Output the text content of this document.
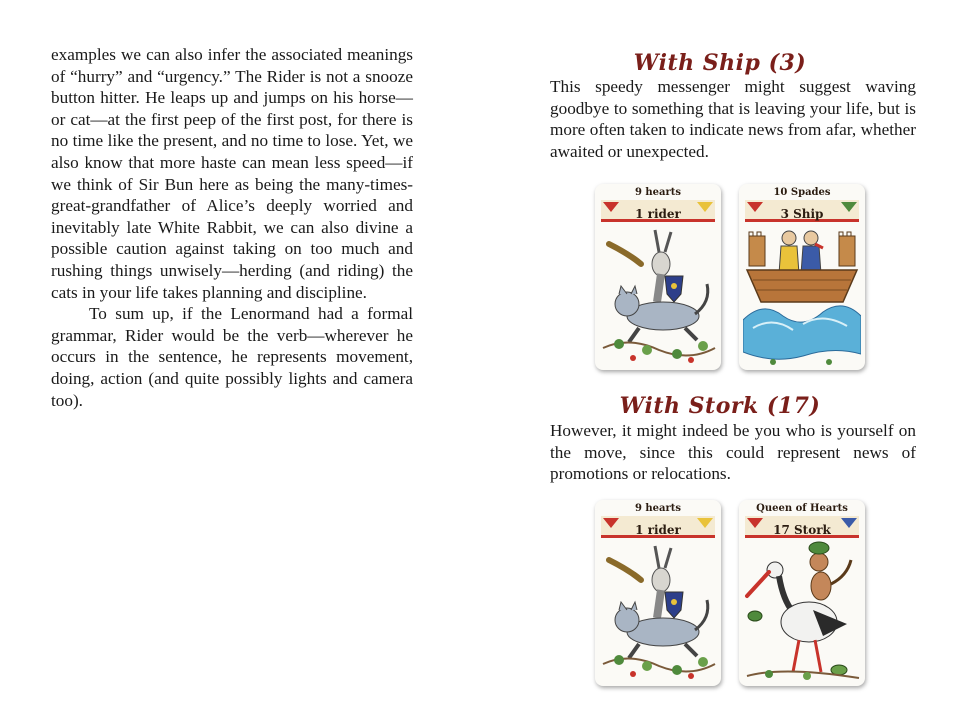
examples we can also infer the associated meanings of “hurry” and “urgency.” The Rider is not a snooze button hitter. He leaps up and jumps on his horse—or cat—at the first peep of the first post, for there is no time like the present, and no time to lose. Yet, we also know that more haste can mean less speed—if we think of Sir Bun here as being the many-times-great-grandfather of Alice’s deeply worried and inevitably late White Rabbit, we can also divine a possible caution against taking on too much and rushing things unwisely—herding (and riding) the cats in your life takes planning and discipline.

To sum up, if the Lenormand had a formal grammar, Rider would be the verb—wherever he occurs in the sentence, he represents movement, doing, action (and quite possibly lights and camera too).

With Ship (3)
This speedy messenger might suggest waving goodbye to something that is leaving your life, but is more often taken to indicate news from afar, whether awaited or unexpected.
9 hearts
1 rider
10 Spades
3 Ship
With Stork (17)
However, it might indeed be you who is yourself on the move, since this could represent news of promotions or relocations.
9 hearts
1 rider
Queen of Hearts
17 Stork
